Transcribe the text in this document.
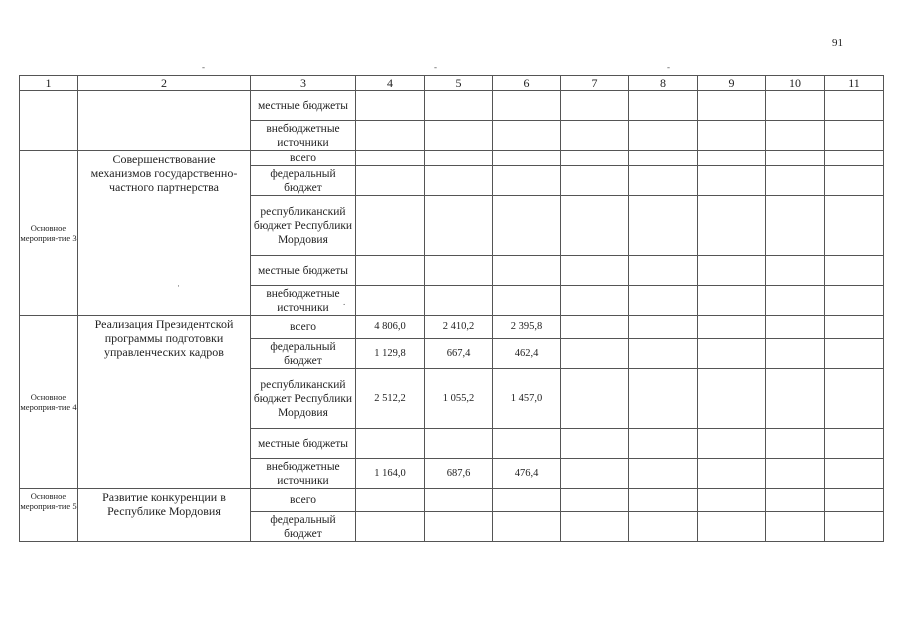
91
-	-	-
·
.
1	2	3	4	5	6	7	8	9	10	11
		местные бюджеты								
		внебюджетные источники								
Основное мероприя-тие 3	Совершенствование механизмов государственно-частного партнерства	всего								
		федеральный бюджет								
		республиканский бюджет Республики Мордовия								
		местные бюджеты								
		внебюджетные источники								
Основное мероприя-тие 4	Реализация Президентской программы подготовки управленческих кадров	всего	4 806,0	2 410,2	2 395,8					
		федеральный бюджет	1 129,8	667,4	462,4					
		республиканский бюджет Республики Мордовия	2 512,2	1 055,2	1 457,0					
		местные бюджеты								
		внебюджетные источники	1 164,0	687,6	476,4					
Основное мероприя-тие 5	Развитие конкуренции в Республике Мордовия	всего								
		федеральный бюджет								
